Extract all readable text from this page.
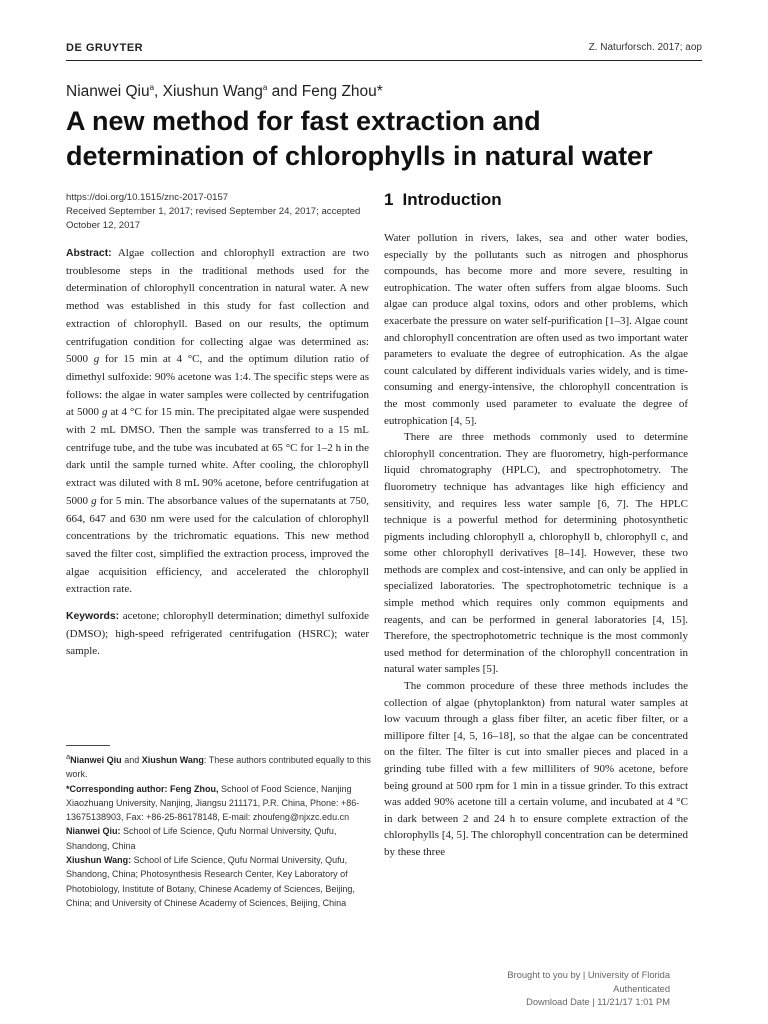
DE GRUYTER	Z. Naturforsch. 2017; aop
Nianwei Qiu$^a$, Xiushun Wang$^a$ and Feng Zhou*
A new method for fast extraction and determination of chlorophylls in natural water
https://doi.org/10.1515/znc-2017-0157
Received September 1, 2017; revised September 24, 2017; accepted October 12, 2017

Abstract: Algae collection and chlorophyll extraction are two troublesome steps in the traditional methods used for the determination of chlorophyll concentration in natural water. A new method was established in this study for fast collection and extraction of chlorophyll. Based on our results, the optimum centrifugation condition for collecting algae was determined as: 5000 g for 15 min at 4 °C, and the optimum dilution ratio of dimethyl sulfoxide: 90% acetone was 1:4. The specific steps were as follows: the algae in water samples were collected by centrifugation at 5000 g at 4 °C for 15 min. The precipitated algae were suspended with 2 mL DMSO. Then the sample was transferred to a 15 mL centrifuge tube, and the tube was incubated at 65 °C for 1–2 h in the dark until the sample turned white. After cooling, the chlorophyll extract was diluted with 8 mL 90% acetone, before centrifugation at 5000 g for 5 min. The absorbance values of the supernatants at 750, 664, 647 and 630 nm were used for the calculation of chlorophyll concentrations by the trichromatic equations. This new method saved the filter cost, simplified the extraction process, improved the algae acquisition efficiency, and accelerated the chlorophyll extraction rate.

Keywords: acetone; chlorophyll determination; dimethyl sulfoxide (DMSO); high-speed refrigerated centrifugation (HSRC); water sample.

$^a$Nianwei Qiu and Xiushun Wang: These authors contributed equally to this work.

*Corresponding author: Feng Zhou, School of Food Science, Nanjing Xiaozhuang University, Nanjing, Jiangsu 211171, P.R. China, Phone: +86-13675138903, Fax: +86-25-86178148, E-mail: zhoufeng@njxzc.edu.cn

Nianwei Qiu: School of Life Science, Qufu Normal University, Qufu, Shandong, China

Xiushun Wang: School of Life Science, Qufu Normal University, Qufu, Shandong, China; Photosynthesis Research Center, Key Laboratory of Photobiology, Institute of Botany, Chinese Academy of Sciences, Beijing, China; and University of Chinese Academy of Sciences, Beijing, China

1 Introduction

Water pollution in rivers, lakes, sea and other water bodies, especially by the pollutants such as nitrogen and phosphorus compounds, has become more and more severe, resulting in eutrophication. The water often suffers from algae blooms. Such algae can produce algal toxins, odors and other problems, which exacerbate the pressure on water self-purification [1–3]. Algae count and chlorophyll concentration are often used as two important water parameters to evaluate the degree of eutrophication. As the algae count calculated by different individuals varies widely, and is time-consuming and energy-intensive, the chlorophyll concentration is the most commonly used parameter to evaluate the degree of eutrophication [4, 5].

There are three methods commonly used to determine chlorophyll concentration. They are fluorometry, high-performance liquid chromatography (HPLC), and spectrophotometry. The fluorometry technique has advantages like high efficiency and sensitivity, and requires less water sample [6, 7]. The HPLC technique is a powerful method for determining photosynthetic pigments including chlorophyll a, chlorophyll b, chlorophyll c, and some other chlorophyll derivatives [8–14]. However, these two methods are complex and cost-intensive, and can only be applied in specialized laboratories. The spectrophotometric technique is a simple method which requires only common equipments and reagents, and can be performed in general laboratories [4, 15]. Therefore, the spectrophotometric technique is the most commonly used method for determination of the chlorophyll concentration in natural water samples [5].

The common procedure of these three methods includes the collection of algae (phytoplankton) from natural water samples at low vacuum through a glass fiber filter, an acetic fiber filter, or a millipore filter [4, 5, 16–18], so that the algae can be concentrated on the filter. The filter is cut into smaller pieces and placed in a grinding tube filled with a few milliliters of 90% acetone, before being ground at 500 rpm for 1 min in a tissue grinder. To this extract was added 90% acetone till a certain volume, and incubated at 4 °C in dark between 2 and 24 h to ensure complete extraction of the chlorophylls [4, 5]. The chlorophyll concentration can be determined by these three

Brought to you by | University of Florida
Authenticated
Download Date | 11/21/17 1:01 PM
